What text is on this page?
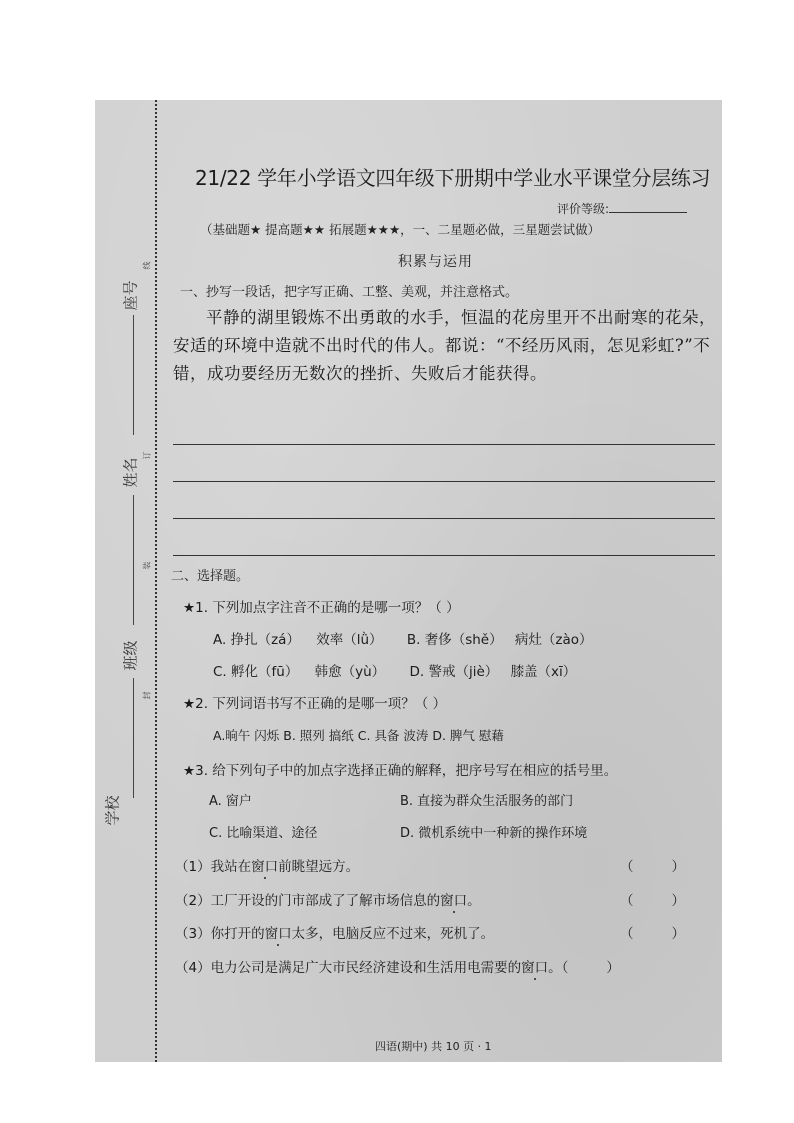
座号
姓名
班级
学校
线
订
装
封
21/22 学年小学语文四年级下册期中学业水平课堂分层练习
评价等级:
（基础题★ 提高题★★ 拓展题★★★，一、二星题必做，三星题尝试做）
积累与运用
一、抄写一段话，把字写正确、工整、美观，并注意格式。
平静的湖里锻炼不出勇敢的水手，恒温的花房里开不出耐寒的花朵，安适的环境中造就不出时代的伟人。都说：“不经历风雨，怎见彩虹?”不错，成功要经历无数次的挫折、失败后才能获得。
二、选择题。
★1. 下列加点字注音不正确的是哪一项？（ ）
A. 挣扎（zá） 效率（lǜ） B. 奢侈（shě） 病灶（zào）
C. 孵化（fū） 韩愈（yù） D. 警戒（jiè） 膝盖（xī）
★2. 下列词语书写不正确的是哪一项？（ ）
A.晌午 闪烁 B. 照列 搞纸 C. 具备 波涛 D. 脾气 慰藉
★3. 给下列句子中的加点字选择正确的解释，把序号写在相应的括号里。
A. 窗户	B. 直接为群众生活服务的部门
C. 比喻渠道、途径	D. 微机系统中一种新的操作环境
（1）我站在窗口前眺望远方。	（	）
（2）工厂开设的门市部成了了解市场信息的窗口。	（	）
（3）你打开的窗口太多，电脑反应不过来，死机了。	（	）
（4）电力公司是满足广大市民经济建设和生活用电需要的窗口。（	）
四语(期中) 共 10 页 · 1
